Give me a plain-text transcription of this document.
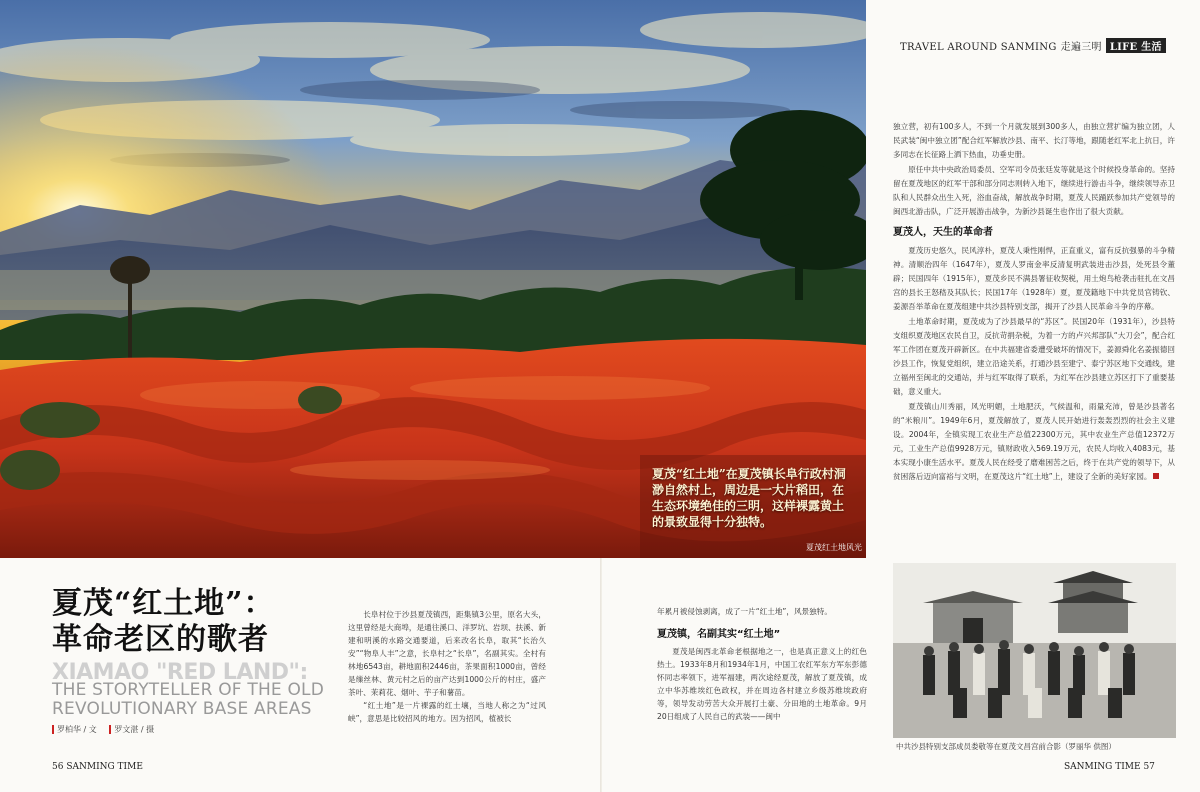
夏茂“红土地”在夏茂镇长阜行政村洞渺自然村上，周边是一大片稻田，在生态环境绝佳的三明，这样裸露黄土的景致显得十分独特。
夏茂红土地风光
TRAVEL AROUND SANMING 走遍三明 LIFE 生活

独立营，初有100多人，不到一个月就发展到300多人，由独立营扩编为独立团，人民武装“闽中独立团”配合红军解放沙县、南平、长汀等地，跟随老红军北上抗日，许多同志在长征路上洒下热血，功垂史册。

原任中共中央政治局委员、空军司令员张廷发等就是这个时候投身革命的。坚持留在夏茂地区的红军干部和部分同志则转入地下，继续进行游击斗争，继续领导赤卫队和人民群众出生入死，浴血奋战，解放战争时期，夏茂人民踊跃参加共产党领导的闽西北游击队，广泛开展游击战争，为新沙县诞生也作出了很大贡献。

夏茂人，天生的革命者

夏茂历史悠久，民风淳朴，夏茂人秉性刚悍，正直重义，富有反抗强暴的斗争精神。清顺治四年（1647年），夏茂人罗南金率反清复明武装进击沙县，处死县令董辟；民国四年（1915年），夏茂乡民不满县署征收契税，用土炮鸟枪袭击驻扎在文昌宫的县长王怒嵇及其队长；民国17年（1928年）夏，夏茂籍地下中共党员官铸钦、姜源吾举革命在夏茂组建中共沙县特别支部，揭开了沙县人民革命斗争的序幕。

土地革命时期，夏茂成为了沙县最早的“苏区”。民国20年（1931年），沙县特支组织夏茂地区农民自卫，反抗苛捐杂税，为着一方的卢兴邦部队“大刀会”，配合红军工作团在夏茂开辟新区。在中共福建省委遭受破坏的情况下，姜源舜化名姜振德回沙县工作，恢复党组织，建立沿途关系，打通沙县至建宁、泰宁苏区地下交通线，建立福州至闽北的交通站，并与红军取得了联系，为红军在沙县建立苏区打下了重要基础，意义重大。

夏茂镇山川秀丽，风光明媚，土地肥沃，气候温和，雨量充沛，曾是沙县著名的“米粮川”。1949年6月，夏茂解放了，夏茂人民开始进行轰轰烈烈的社会主义建设。2004年，全镇实现工农业生产总值22300万元，其中农业生产总值12372万元，工业生产总值9928万元，镇财政收入569.19万元，农民人均收入4083元，基本实现小康生活水平。夏茂人民在经受了磨难困苦之后，终于在共产党的领导下，从贫困落后迈向富裕与文明，在夏茂这片“红土地”上，建设了全新的美好家园。

夏茂“红土地”：
革命老区的歌者
XIAMAO "RED LAND":
THE STORYTELLER OF THE OLD
REVOLUTIONARY BASE AREAS
罗柏华 / 文 罗文湛 / 摄

长阜村位于沙县夏茂镇西，距集镇3公里，原名大头，这里曾经是大商埠，是通往溪口、洋罗坑、岩坝、扶溪、新建和明溪的水路交通要道，后来改名长阜，取其“长治久安”“物阜人丰”之意，长阜村之“长阜”，名副其实。全村有林地6543亩，耕地面积2446亩，茶果面积1000亩，曾经是缫丝林、黄元村之后的亩产达到1000公斤的村庄，盛产茶叶、茉莉花、烟叶、芋子和薯苗。

“红土地”是一片裸露的红土壤，当地人称之为“过风峡”，意思是比较招风的地方。因为招风，植被长

年累月被侵蚀剥离，成了一片“红土地”，风景独特。

夏茂镇，名副其实“红土地”

夏茂是闽西北革命老根据地之一，也是真正意义上的红色热土。1933年8月和1934年1月，中国工农红军东方军东彭德怀同志率领下，进军福建，两次途经夏茂，解放了夏茂镇，成立中华苏维埃红色政权，并在周边各村建立乡级苏维埃政府等，领导发动劳苦大众开展打土豪、分田地的土地革命。9月20日组成了人民自己的武装——闽中

中共沙县特别支部成员娄敬等在夏茂文昌宫前合影（罗丽华 供图）
56 SANMING TIME	SANMING TIME 57
